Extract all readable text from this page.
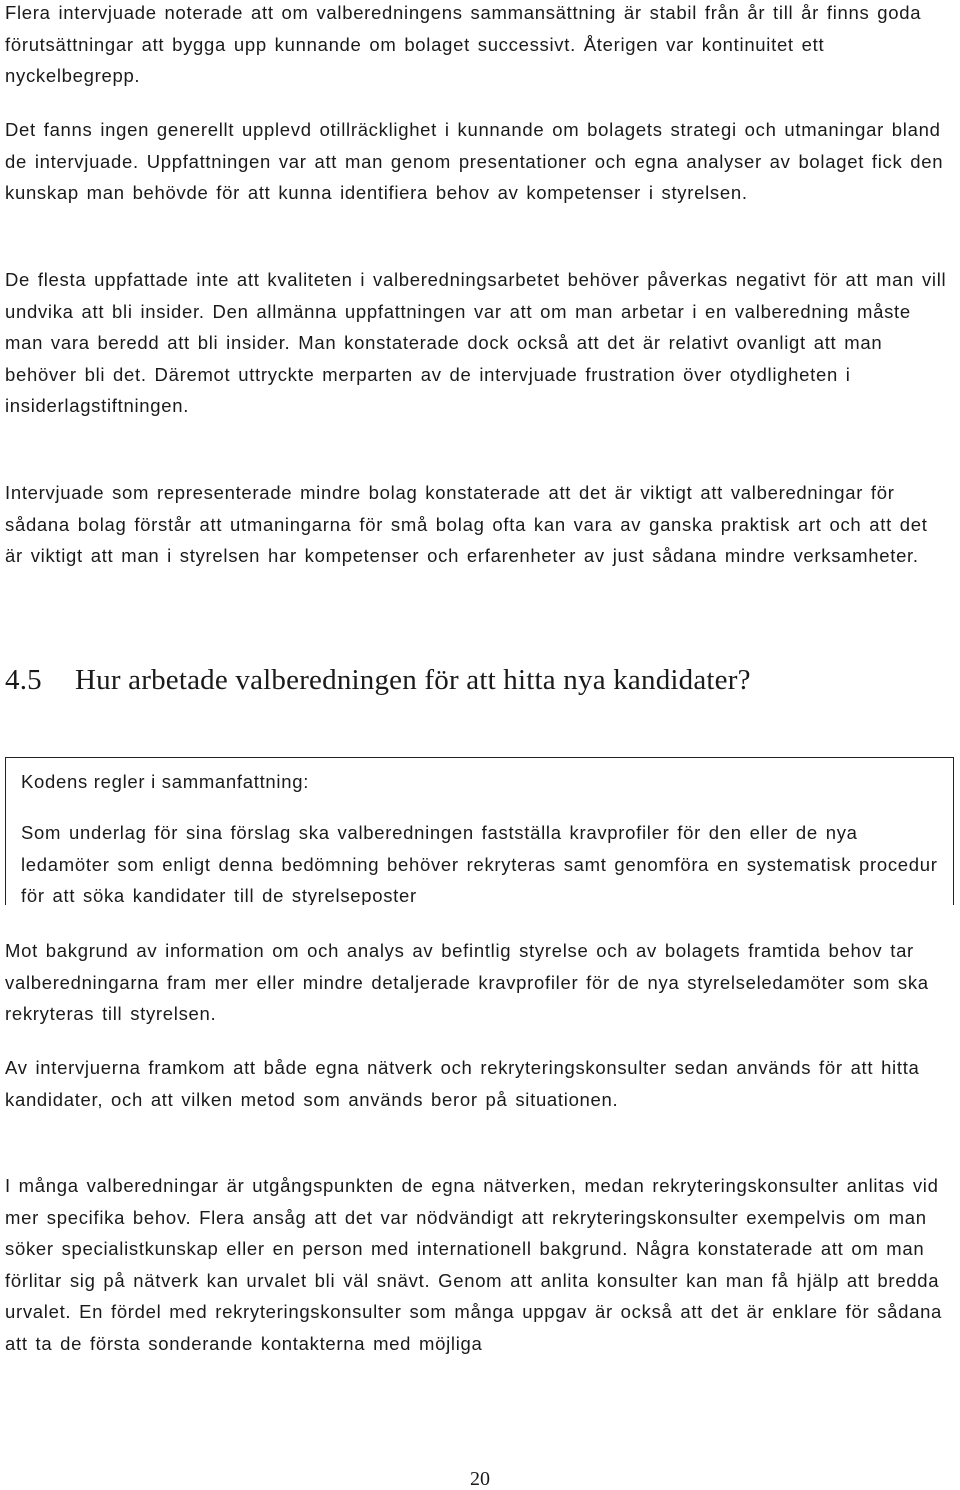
Flera intervjuade noterade att om valberedningens sammansättning är stabil från år till år finns goda förutsättningar att bygga upp kunnande om bolaget successivt. Återigen var kontinuitet ett nyckelbegrepp.

Det fanns ingen generellt upplevd otillräcklighet i kunnande om bolagets strategi och utmaningar bland de intervjuade. Uppfattningen var att man genom presentationer och egna analyser av bolaget fick den kunskap man behövde för att kunna identifiera behov av kompetenser i styrelsen.

De flesta uppfattade inte att kvaliteten i valberedningsarbetet behöver påverkas negativt för att man vill undvika att bli insider. Den allmänna uppfattningen var att om man arbetar i en valberedning måste man vara beredd att bli insider. Man konstaterade dock också att det är relativt ovanligt att man behöver bli det. Däremot uttryckte merparten av de intervjuade frustration över otydligheten i insiderlagstiftningen.

Intervjuade som representerade mindre bolag konstaterade att det är viktigt att valberedningar för sådana bolag förstår att utmaningarna för små bolag ofta kan vara av ganska praktisk art och att det är viktigt att man i styrelsen har kompetenser och erfarenheter av just sådana mindre verksamheter.

4.5 Hur arbetade valberedningen för att hitta nya kandidater?

Kodens regler i sammanfattning:

Som underlag för sina förslag ska valberedningen fastställa kravprofiler för den eller de nya ledamöter som enligt denna bedömning behöver rekryteras samt genomföra en systematisk procedur för att söka kandidater till de styrelseposter

Mot bakgrund av information om och analys av befintlig styrelse och av bolagets framtida behov tar valberedningarna fram mer eller mindre detaljerade kravprofiler för de nya styrelseledamöter som ska rekryteras till styrelsen.

Av intervjuerna framkom att både egna nätverk och rekryteringskonsulter sedan används för att hitta kandidater, och att vilken metod som används beror på situationen.

I många valberedningar är utgångspunkten de egna nätverken, medan rekryteringskonsulter anlitas vid mer specifika behov. Flera ansåg att det var nödvändigt att rekryteringskonsulter exempelvis om man söker specialistkunskap eller en person med internationell bakgrund. Några konstaterade att om man förlitar sig på nätverk kan urvalet bli väl snävt. Genom att anlita konsulter kan man få hjälp att bredda urvalet. En fördel med rekryteringskonsulter som många uppgav är också att det är enklare för sådana att ta de första sonderande kontakterna med möjliga

20
